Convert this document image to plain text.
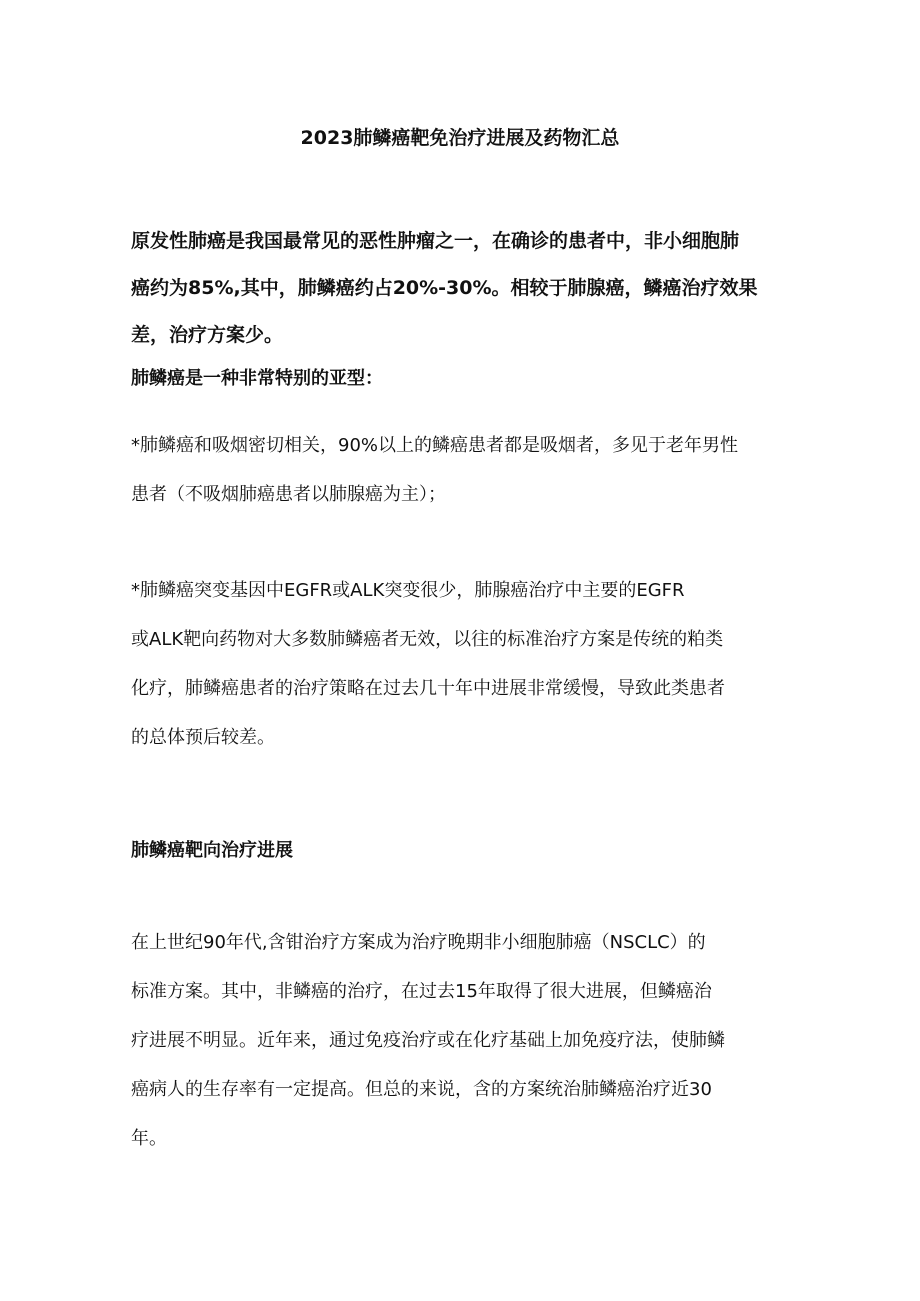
2023肺鳞癌靶免治疗进展及药物汇总
原发性肺癌是我国最常见的恶性肿瘤之一，在确诊的患者中，非小细胞肺
癌约为85%,其中，肺鳞癌约占20%-30%。相较于肺腺癌，鳞癌治疗效果
差，治疗方案少。
肺鳞癌是一种非常特别的亚型：
*肺鳞癌和吸烟密切相关，90%以上的鳞癌患者都是吸烟者，多见于老年男性
患者（不吸烟肺癌患者以肺腺癌为主）；
*肺鳞癌突变基因中EGFR或ALK突变很少，肺腺癌治疗中主要的EGFR
或ALK靶向药物对大多数肺鳞癌者无效，以往的标准治疗方案是传统的粕类
化疗，肺鳞癌患者的治疗策略在过去几十年中进展非常缓慢，导致此类患者
的总体预后较差。
肺鳞癌靶向治疗进展
在上世纪90年代,含钳治疗方案成为治疗晚期非小细胞肺癌（NSCLC）的
标准方案。其中，非鳞癌的治疗，在过去15年取得了很大进展，但鳞癌治
疗进展不明显。近年来，通过免疫治疗或在化疗基础上加免疫疗法，使肺鳞
癌病人的生存率有一定提高。但总的来说，含的方案统治肺鳞癌治疗近30
年。
